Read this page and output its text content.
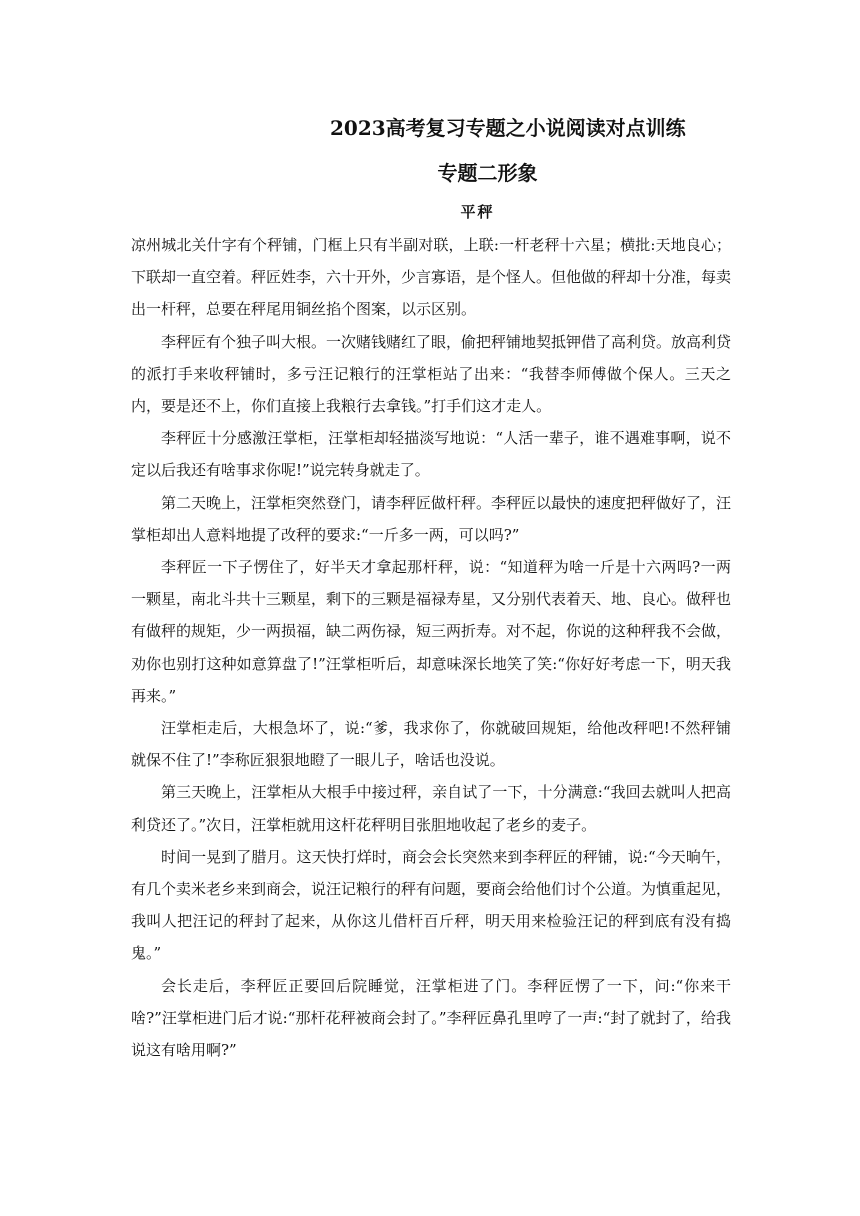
2023高考复习专题之小说阅读对点训练
专题二形象
平秤

凉州城北关什字有个秤铺，门框上只有半副对联，上联:一杆老秤十六星；横批:天地良心；下联却一直空着。秤匠姓李，六十开外，少言寡语，是个怪人。但他做的秤却十分准，每卖出一杆秤，总要在秤尾用铜丝掐个图案，以示区别。

李秤匠有个独子叫大根。一次赌钱赌红了眼，偷把秤铺地契抵钾借了高利贷。放高利贷的派打手来收秤铺时，多亏汪记粮行的汪掌柜站了出来：“我替李师傅做个保人。三天之内，要是还不上，你们直接上我粮行去拿钱。”打手们这才走人。

李秤匠十分感激汪掌柜，汪掌柜却轻描淡写地说：“人活一辈子，谁不遇难事啊，说不定以后我还有啥事求你呢!”说完转身就走了。

第二天晚上，汪掌柜突然登门，请李秤匠做杆秤。李秤匠以最快的速度把秤做好了，汪掌柜却出人意料地提了改秤的要求:“一斤多一两，可以吗?”

李秤匠一下子愣住了，好半天才拿起那杆秤，说：“知道秤为啥一斤是十六两吗?一两一颗星，南北斗共十三颗星，剩下的三颗是福禄寿星，又分别代表着天、地、良心。做秤也有做秤的规矩，少一两损福，缺二两伤禄，短三两折寿。对不起，你说的这种秤我不会做，劝你也别打这种如意算盘了!”汪掌柜听后，却意味深长地笑了笑:“你好好考虑一下，明天我再来。”

汪掌柜走后，大根急坏了，说:“爹，我求你了，你就破回规矩，给他改秤吧!不然秤铺就保不住了!”李称匠狠狠地瞪了一眼儿子，啥话也没说。

第三天晚上，汪掌柜从大根手中接过秤，亲自试了一下，十分满意:“我回去就叫人把高利贷还了。”次日，汪掌柜就用这杆花秤明目张胆地收起了老乡的麦子。

时间一晃到了腊月。这天快打烊时，商会会长突然来到李秤匠的秤铺，说:“今天晌午，有几个卖米老乡来到商会，说汪记粮行的秤有问题，要商会给他们讨个公道。为慎重起见，我叫人把汪记的秤封了起来，从你这儿借杆百斤秤，明天用来检验汪记的秤到底有没有捣鬼。”

会长走后，李秤匠正要回后院睡觉，汪掌柜进了门。李秤匠愣了一下，问:“你来干啥?”汪掌柜进门后才说:“那杆花秤被商会封了。”李秤匠鼻孔里哼了一声:“封了就封了，给我说这有啥用啊?”
